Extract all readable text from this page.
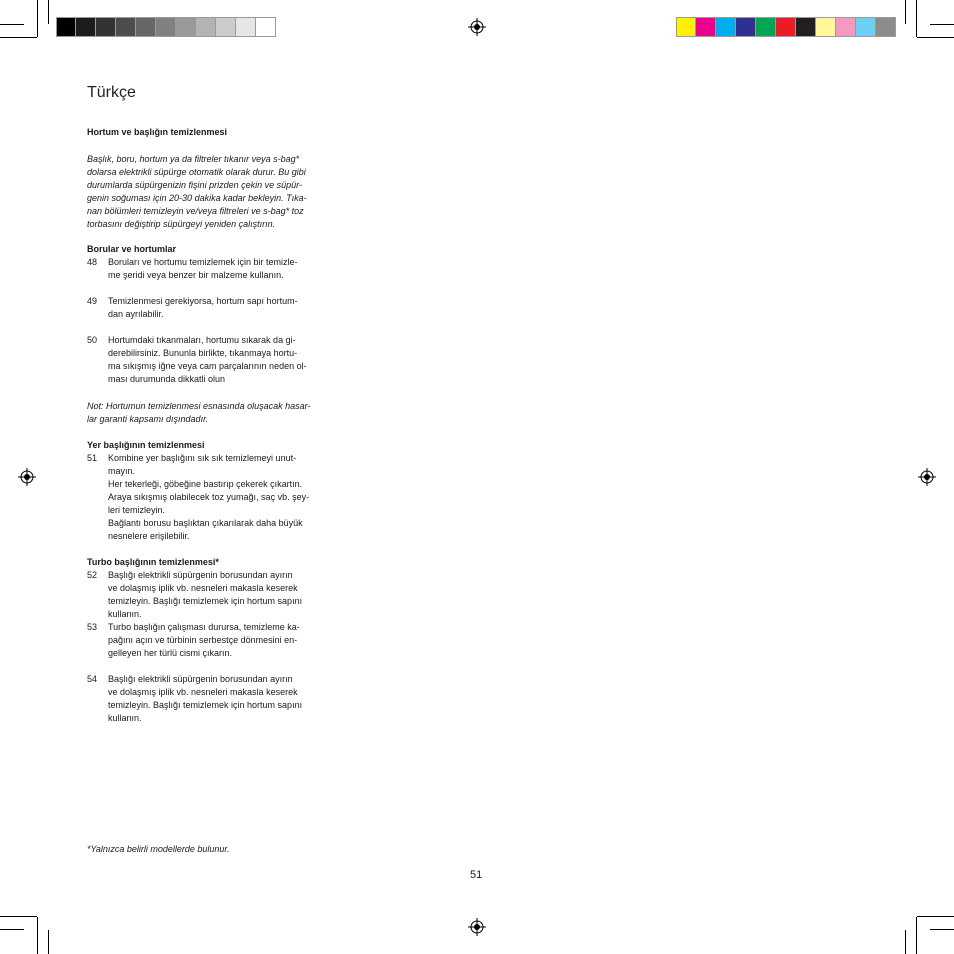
Türkçe
Hortum ve başlığın temizlenmesi
Başlık, boru, hortum ya da filtreler tıkanır veya s-bag*
dolarsa elektrikli süpürge otomatik olarak durur. Bu gibi
durumlarda süpürgenizin fişini prizden çekin ve süpür-
genin soğuması için 20-30 dakika kadar bekleyin. Tıka-
nan bölümleri temizleyin ve/veya filtreleri ve s-bag* toz
torbasını değiştirip süpürgeyi yeniden çalıştırın.
Borular ve hortumlar
48	Boruları ve hortumu temizlemek için bir temizle-
me şeridi veya benzer bir malzeme kullanın.
49	Temizlenmesi gerekiyorsa, hortum sapı hortum-
dan ayrılabilir.
50	Hortumdaki tıkanmaları, hortumu sıkarak da gi-
derebilirsiniz. Bununla birlikte, tıkanmaya hortu-
ma sıkışmış iğne veya cam parçalarının neden ol-
ması durumunda dikkatli olun
Not: Hortumun temizlenmesi esnasında oluşacak hasar-
lar garanti kapsamı dışındadır.
Yer başlığının temizlenmesi
51	Kombine yer başlığını sık sık temizlemeyi unut-
mayın.
Her tekerleği, göbeğine bastırıp çekerek çıkartın.
Araya sıkışmış olabilecek toz yumağı, saç vb. şey-
leri temizleyin.
Bağlantı borusu başlıktan çıkarılarak daha büyük
nesnelere erişilebilir.
Turbo başlığının temizlenmesi*
52	Başlığı elektrikli süpürgenin borusundan ayırın
ve dolaşmış iplik vb. nesneleri makasla keserek
temizleyin. Başlığı temizlemek için hortum sapını
kullanın.
53	Turbo başlığın çalışması durursa, temizleme ka-
pağını açın ve türbinin serbestçe dönmesini en-
gelleyen her türlü cismi çıkarın.
54	Başlığı elektrikli süpürgenin borusundan ayırın
ve dolaşmış iplik vb. nesneleri makasla keserek
temizleyin. Başlığı temizlemek için hortum sapını
kullanın.
*Yalnızca belirli modellerde bulunur.
51
